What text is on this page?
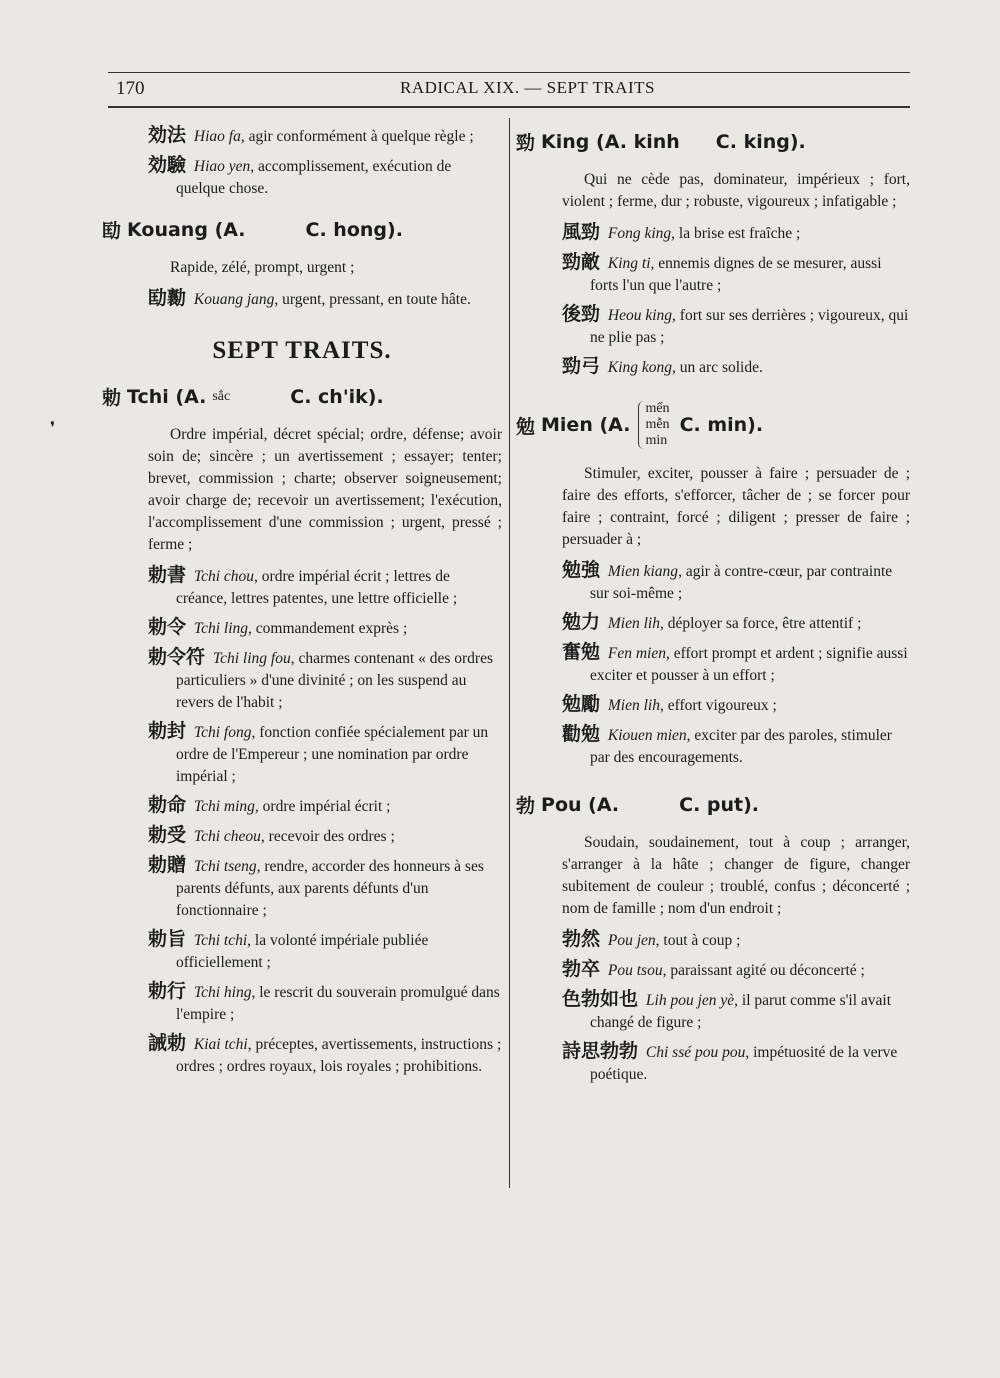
170	RADICAL XIX. — SEPT TRAITS
❜
効法 Hiao fa, agir conformément à quelque règle ;
効驗 Hiao yen, accomplissement, exécution de quelque chose.
劻 Kouang
(A.	C. hong).
Rapide, zélé, prompt, urgent ;
劻勷 Kouang jang, urgent, pressant, en toute hâte.
SEPT TRAITS.
勅 Tchi
(A. sắc	C. ch'ik).
Ordre impérial, décret spécial; ordre, défense; avoir soin de; sincère ; un avertissement ; essayer; tenter; brevet, commission ; charte; observer soigneusement; avoir charge de; recevoir un avertissement; l'exécution, l'accomplissement d'une commission ; urgent, pressé ; ferme ;
勅書 Tchi chou, ordre impérial écrit ; lettres de créance, lettres patentes, une lettre officielle ;
勅令 Tchi ling, commandement exprès ;
勅令符 Tchi ling fou, charmes contenant « des ordres particuliers » d'une divinité ; on les suspend au revers de l'habit ;
勅封 Tchi fong, fonction confiée spécialement par un ordre de l'Empereur ; une nomination par ordre impérial ;
勅命 Tchi ming, ordre impérial écrit ;
勅受 Tchi cheou, recevoir des ordres ;
勅贈 Tchi tseng, rendre, accorder des honneurs à ses parents défunts, aux parents défunts d'un fonctionnaire ;
勅旨 Tchi tchi, la volonté impériale publiée officiellement ;
勅行 Tchi hing, le rescrit du souverain promulgué dans l'empire ;
誡勅 Kiai tchi, préceptes, avertissements, instructions ; ordres ; ordres royaux, lois royales ; prohibitions.
勁 King
(A. kinh C. king).
Qui ne cède pas, dominateur, impérieux ; fort, violent ; ferme, dur ; robuste, vigoureux ; infatigable ;
風勁 Fong king, la brise est fraîche ;
勁敵 King ti, ennemis dignes de se mesurer, aussi forts l'un que l'autre ;
後勁 Heou king, fort sur ses derrières ; vigoureux, qui ne plie pas ;
勁弓 King kong, un arc solide.
勉 Mien
(A.
mến
mễn
min
C. min).
Stimuler, exciter, pousser à faire ; persuader de ; faire des efforts, s'efforcer, tâcher de ; se forcer pour faire ; contraint, forcé ; diligent ; presser de faire ; persuader à ;
勉強 Mien kiang, agir à contre-cœur, par contrainte sur soi-même ;
勉力 Mien lih, déployer sa force, être attentif ;
奮勉 Fen mien, effort prompt et ardent ; signifie aussi exciter et pousser à un effort ;
勉勵 Mien lih, effort vigoureux ;
勸勉 Kiouen mien, exciter par des paroles, stimuler par des encouragements.
勃 Pou
(A.	C. put).
Soudain, soudainement, tout à coup ; arranger, s'arranger à la hâte ; changer de figure, changer subitement de couleur ; troublé, confus ; déconcerté ; nom de famille ; nom d'un endroit ;
勃然 Pou jen, tout à coup ;
勃卒 Pou tsou, paraissant agité ou déconcerté ;
色勃如也 Lih pou jen yè, il parut comme s'il avait changé de figure ;
詩思勃勃 Chi ssé pou pou, impétuosité de la verve poétique.
